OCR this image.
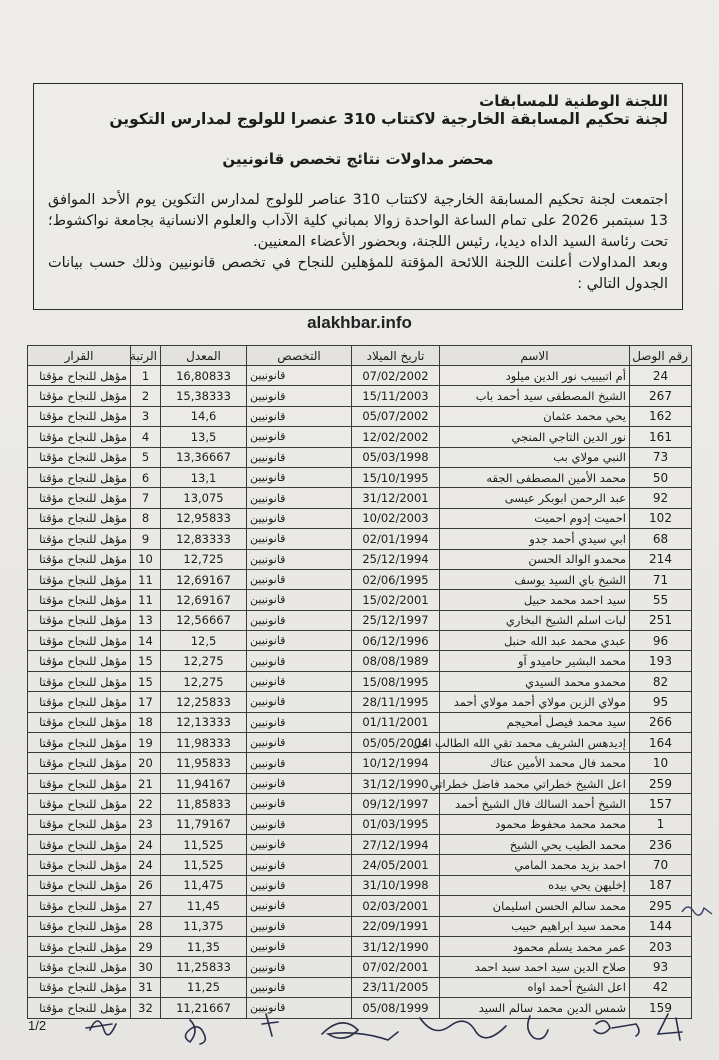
اللجنة الوطنية للمسابقات

لجنة تحكيم المسابقة الخارجية لاكتتاب 310 عنصرا للولوج لمدارس التكوين

محضر مداولات نتائج تخصص قانونيين

اجتمعت لجنة تحكيم المسابقة الخارجية لاكتتاب 310 عناصر للولوج لمدارس التكوين يوم الأحد الموافق 13 سبتمبر 2026 على تمام الساعة الواحدة زوالا بمباني كلية الآداب والعلوم الانسانية بجامعة نواكشوط؛ تحت رئاسة السيد الداه ديديا، رئيس اللجنة، وبحضور الأعضاء المعنيين.

وبعد المداولات أعلنت اللجنة اللائحة المؤقتة للمؤهلين للنجاح في تخصص قانونيين وذلك حسب بيانات الجدول التالي :

alakhbar.info
رقم الوصل	الاسم	تاريخ الميلاد	التخصص	المعدل	الرتبة	القرار
24	أم اتبيبيب نور الدين ميلود	07/02/2002	قانونيين	16,80833	1	مؤهل للنجاح مؤقتا
267	الشيخ المصطفى سيد أحمد باب	15/11/2003	قانونيين	15,38333	2	مؤهل للنجاح مؤقتا
162	يحي محمد عثمان	05/07/2002	قانونيين	14,6	3	مؤهل للنجاح مؤقتا
161	نور الدين التاجي المنجي	12/02/2002	قانونيين	13,5	4	مؤهل للنجاح مؤقتا
73	النبي مولاي بب	05/03/1998	قانونيين	13,36667	5	مؤهل للنجاح مؤقتا
50	محمد الأمين المصطفى الجقه	15/10/1995	قانونيين	13,1	6	مؤهل للنجاح مؤقتا
92	عبد الرحمن ابوبكر عيسى	31/12/2001	قانونيين	13,075	7	مؤهل للنجاح مؤقتا
102	احميت إدوم احميت	10/02/2003	قانونيين	12,95833	8	مؤهل للنجاح مؤقتا
68	ابي سيدي أحمد جدو	02/01/1994	قانونيين	12,83333	9	مؤهل للنجاح مؤقتا
214	محمدو الوالد الحسن	25/12/1994	قانونيين	12,725	10	مؤهل للنجاح مؤقتا
71	الشيخ باي السيد يوسف	02/06/1995	قانونيين	12,69167	11	مؤهل للنجاح مؤقتا
55	سيد احمد محمد حبيل	15/02/2001	قانونيين	12,69167	11	مؤهل للنجاح مؤقتا
251	لبات اسلم الشيخ البخاري	25/12/1997	قانونيين	12,56667	13	مؤهل للنجاح مؤقتا
96	عبدي محمد عبد الله حنبل	06/12/1996	قانونيين	12,5	14	مؤهل للنجاح مؤقتا
193	محمد البشير حاميدو آو	08/08/1989	قانونيين	12,275	15	مؤهل للنجاح مؤقتا
82	محمدو محمد السيدي	15/08/1995	قانونيين	12,275	15	مؤهل للنجاح مؤقتا
95	مولاي الزين مولاي أحمد مولاي أحمد	28/11/1995	قانونيين	12,25833	17	مؤهل للنجاح مؤقتا
266	سيد محمد فيصل أمحيجم	01/11/2001	قانونيين	12,13333	18	مؤهل للنجاح مؤقتا
164	إديدهس الشريف محمد تقي الله الطالب اعل	05/05/2004	قانونيين	11,98333	19	مؤهل للنجاح مؤقتا
10	محمد فال محمد الأمين عتاك	10/12/1994	قانونيين	11,95833	20	مؤهل للنجاح مؤقتا
259	اعل الشيخ خطراتي محمد فاضل خطراتي	31/12/1990	قانونيين	11,94167	21	مؤهل للنجاح مؤقتا
157	الشيخ أحمد السالك فال الشيخ أحمد	09/12/1997	قانونيين	11,85833	22	مؤهل للنجاح مؤقتا
1	محمد محمد محفوظ محمود	01/03/1995	قانونيين	11,79167	23	مؤهل للنجاح مؤقتا
236	محمد الطيب يحي الشيخ	27/12/1994	قانونيين	11,525	24	مؤهل للنجاح مؤقتا
70	احمد بزيد محمد المامي	24/05/2001	قانونيين	11,525	24	مؤهل للنجاح مؤقتا
187	إخليهن يحي بيده	31/10/1998	قانونيين	11,475	26	مؤهل للنجاح مؤقتا
295	محمد سالم الحسن اسليمان	02/03/2001	قانونيين	11,45	27	مؤهل للنجاح مؤقتا
144	محمد سيد ابراهيم حبيب	22/09/1991	قانونيين	11,375	28	مؤهل للنجاح مؤقتا
203	عمر محمد يسلم محمود	31/12/1990	قانونيين	11,35	29	مؤهل للنجاح مؤقتا
93	صلاح الدين سيد احمد سيد احمد	07/02/2001	قانونيين	11,25833	30	مؤهل للنجاح مؤقتا
42	اعل الشيخ أحمد اواه	23/11/2005	قانونيين	11,25	31	مؤهل للنجاح مؤقتا
159	شمس الدين محمد سالم السيد	05/08/1999	قانونيين	11,21667	32	مؤهل للنجاح مؤقتا
1/2
